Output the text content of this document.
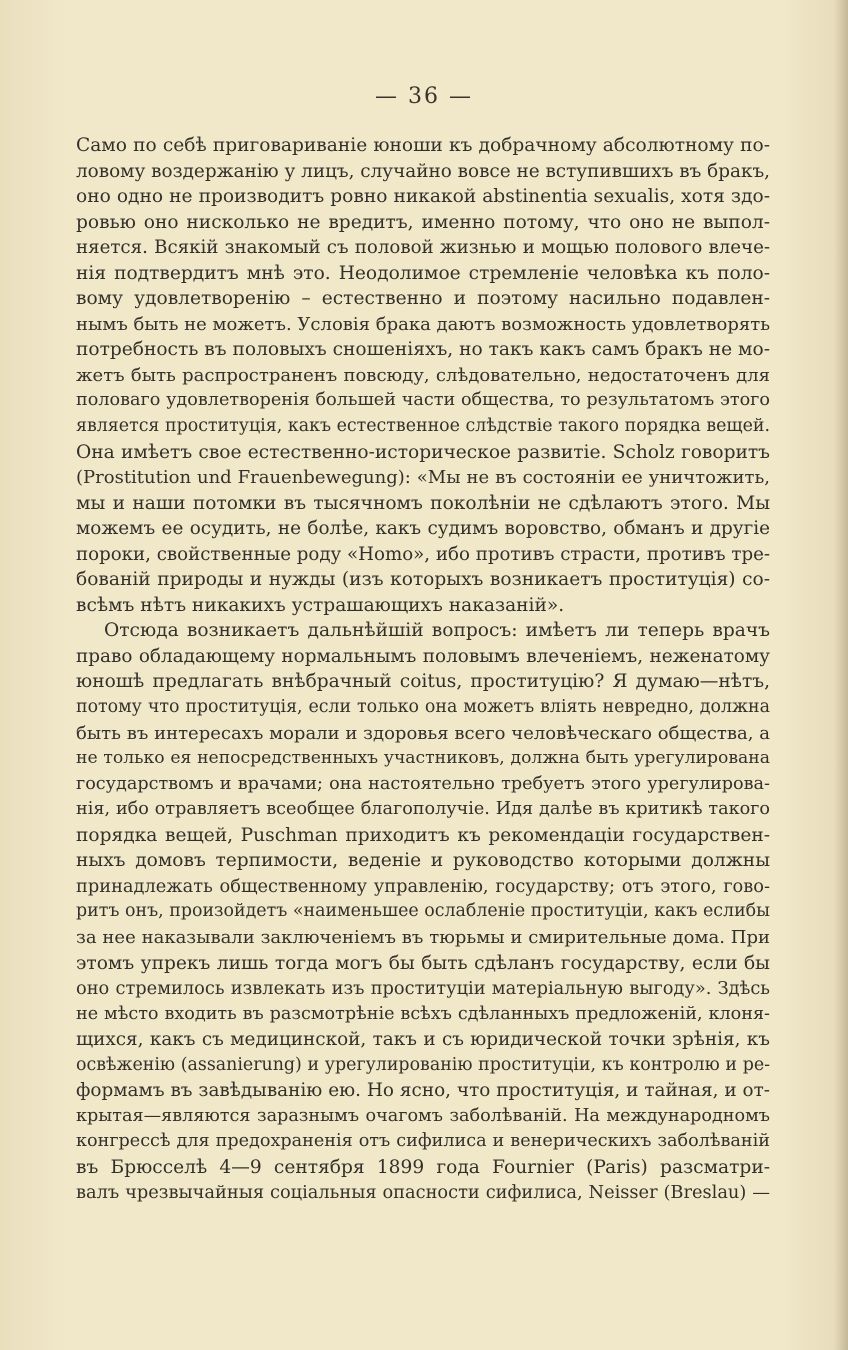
— 36 —
Само по себѣ приговариванiе юноши къ добрачному абсолютному по-
ловому воздержанiю у лицъ, случайно вовсе не вступившихъ въ бракъ,
оно одно не производитъ ровно никакой abstinentia sexualis, хотя здо-
ровью оно нисколько не вредитъ, именно потому, что оно не выпол-
няется. Всякiй знакомый съ половой жизнью и мощью полового влече-
нiя подтвердитъ мнѣ это. Неодолимое стремленiе человѣка къ поло-
вому удовлетворенiю – естественно и поэтому насильно подавлен-
нымъ быть не можетъ. Условiя брака даютъ возможность удовлетворять
потребность въ половыхъ сношенiяхъ, но такъ какъ самъ бракъ не мо-
жетъ быть распространенъ повсюду, слѣдовательно, недостаточенъ для
половаго удовлетворенiя большей части общества, то результатомъ этого
является проституцiя, какъ естественное слѣдствiе такого порядка вещей.
Она имѣетъ свое естественно-историческое развитiе. Scholz говоритъ
(Prostitution und Frauenbewegung): «Мы не въ состоянiи ее уничтожить,
мы и наши потомки въ тысячномъ поколѣнiи не сдѣлаютъ этого. Мы
можемъ ее осудить, не болѣе, какъ судимъ воровство, обманъ и другiе
пороки, свойственные роду «Homo», ибо противъ страсти, противъ тре-
бованiй природы и нужды (изъ которыхъ возникаетъ проституцiя) со-
всѣмъ нѣтъ никакихъ устрашающихъ наказанiй».
Отсюда возникаетъ дальнѣйшiй вопросъ: имѣетъ ли теперь врачъ
право обладающему нормальнымъ половымъ влеченiемъ, неженатому
юношѣ предлагать внѣбрачный coitus, проституцiю? Я думаю—нѣтъ,
потому что проституцiя, если только она можетъ влiять невредно, должна
быть въ интересахъ морали и здоровья всего человѣческаго общества, а
не только ея непосредственныхъ участниковъ, должна быть урегулирована
государствомъ и врачами; она настоятельно требуетъ этого урегулирова-
нiя, ибо отравляетъ всеобщее благополучiе. Идя далѣе въ критикѣ такого
порядка вещей, Puschman приходитъ къ рекомендацiи государствен-
ныхъ домовъ терпимости, веденiе и руководство которыми должны
принадлежать общественному управленiю, государству; отъ этого, гово-
ритъ онъ, произойдетъ «наименьшее ослабленiе проституцiи, какъ еслибы
за нее наказывали заключенiемъ въ тюрьмы и смирительные дома. При
этомъ упрекъ лишь тогда могъ бы быть сдѣланъ государству, если бы
оно стремилось извлекать изъ проституцiи матерiальную выгоду». Здѣсь
не мѣсто входить въ разсмотрѣнiе всѣхъ сдѣланныхъ предложенiй, клоня-
щихся, какъ съ медицинской, такъ и съ юридической точки зрѣнiя, къ
освѣженiю (assanierung) и урегулированiю проституцiи, къ контролю и ре-
формамъ въ завѣдыванiю ею. Но ясно, что проституцiя, и тайная, и от-
крытая—являются заразнымъ очагомъ заболѣванiй. На международномъ
конгрессѣ для предохраненiя отъ сифилиса и венерическихъ заболѣванiй
въ Брюсселѣ 4—9 сентября 1899 года Fournier (Paris) разсматри-
валъ чрезвычайныя соцiальныя опасности сифилиса, Neisser (Breslau) —
